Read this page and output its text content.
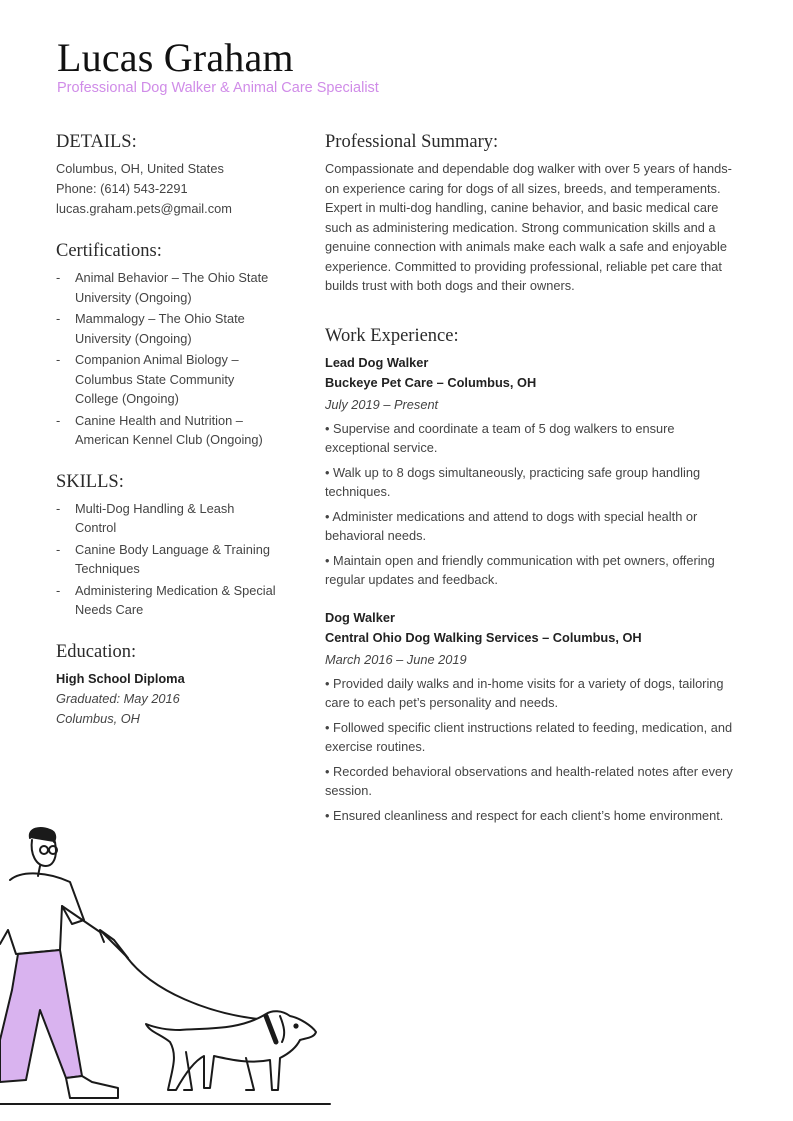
Lucas Graham
Professional Dog Walker & Animal Care Specialist
DETAILS:
Columbus, OH, United States
Phone: (614) 543-2291
lucas.graham.pets@gmail.com
Certifications:
- Animal Behavior – The Ohio State University (Ongoing)
- Mammalogy – The Ohio State University (Ongoing)
- Companion Animal Biology – Columbus State Community College (Ongoing)
- Canine Health and Nutrition – American Kennel Club (Ongoing)
SKILLS:
- Multi-Dog Handling & Leash Control
- Canine Body Language & Training Techniques
- Administering Medication & Special Needs Care
Education:
High School Diploma
Graduated: May 2016
Columbus, OH
Professional Summary:

Compassionate and dependable dog walker with over 5 years of hands-on experience caring for dogs of all sizes, breeds, and temperaments. Expert in multi-dog handling, canine behavior, and basic medical care such as administering medication. Strong communication skills and a genuine connection with animals make each walk a safe and enjoyable experience. Committed to providing professional, reliable pet care that builds trust with both dogs and their owners.

Work Experience:
Lead Dog Walker
Buckeye Pet Care – Columbus, OH
July 2019 – Present

• Supervise and coordinate a team of 5 dog walkers to ensure exceptional service.

• Walk up to 8 dogs simultaneously, practicing safe group handling techniques.

• Administer medications and attend to dogs with special health or behavioral needs.

• Maintain open and friendly communication with pet owners, offering regular updates and feedback.

Dog Walker
Central Ohio Dog Walking Services – Columbus, OH
March 2016 – June 2019

• Provided daily walks and in-home visits for a variety of dogs, tailoring care to each pet’s personality and needs.

• Followed specific client instructions related to feeding, medication, and exercise routines.

• Recorded behavioral observations and health-related notes after every session.

• Ensured cleanliness and respect for each client’s home environment.
